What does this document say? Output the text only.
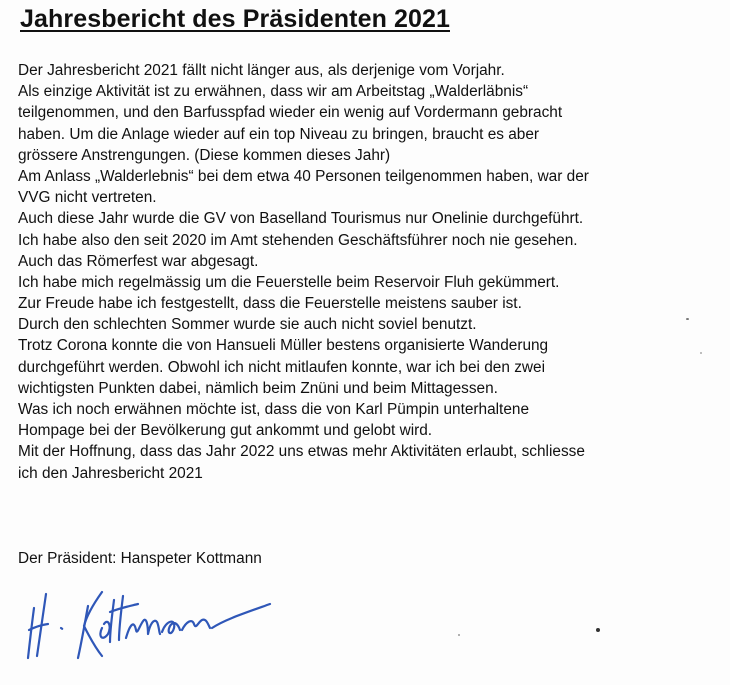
Jahresbericht des Präsidenten 2021
Der Jahresbericht 2021 fällt nicht länger aus, als derjenige vom Vorjahr.
Als einzige Aktivität ist zu erwähnen, dass wir am Arbeitstag „Walderläbnis“
teilgenommen, und den Barfusspfad wieder ein wenig auf Vordermann gebracht
haben. Um die Anlage wieder auf ein top Niveau zu bringen, braucht es aber
grössere Anstrengungen. (Diese kommen dieses Jahr)
Am Anlass „Walderlebnis“ bei dem etwa 40 Personen teilgenommen haben, war der
VVG nicht vertreten.
Auch diese Jahr wurde die GV von Baselland Tourismus nur Onelinie durchgeführt.
Ich habe also den seit 2020 im Amt stehenden Geschäftsführer noch nie gesehen.
Auch das Römerfest war abgesagt.
Ich habe mich regelmässig um die Feuerstelle beim Reservoir Fluh gekümmert.
Zur Freude habe ich festgestellt, dass die Feuerstelle meistens sauber ist.
Durch den schlechten Sommer wurde sie auch nicht soviel benutzt.
Trotz Corona konnte die von Hansueli Müller bestens organisierte Wanderung
durchgeführt werden. Obwohl ich nicht mitlaufen konnte, war ich bei den zwei
wichtigsten Punkten dabei, nämlich beim Znüni und beim Mittagessen.
Was ich noch erwähnen möchte ist, dass die von Karl Pümpin unterhaltene
Hompage bei der Bevölkerung gut ankommt und gelobt wird.
Mit der Hoffnung, dass das Jahr 2022 uns etwas mehr Aktivitäten erlaubt, schliesse
ich den Jahresbericht 2021

Der Präsident: Hanspeter Kottmann
